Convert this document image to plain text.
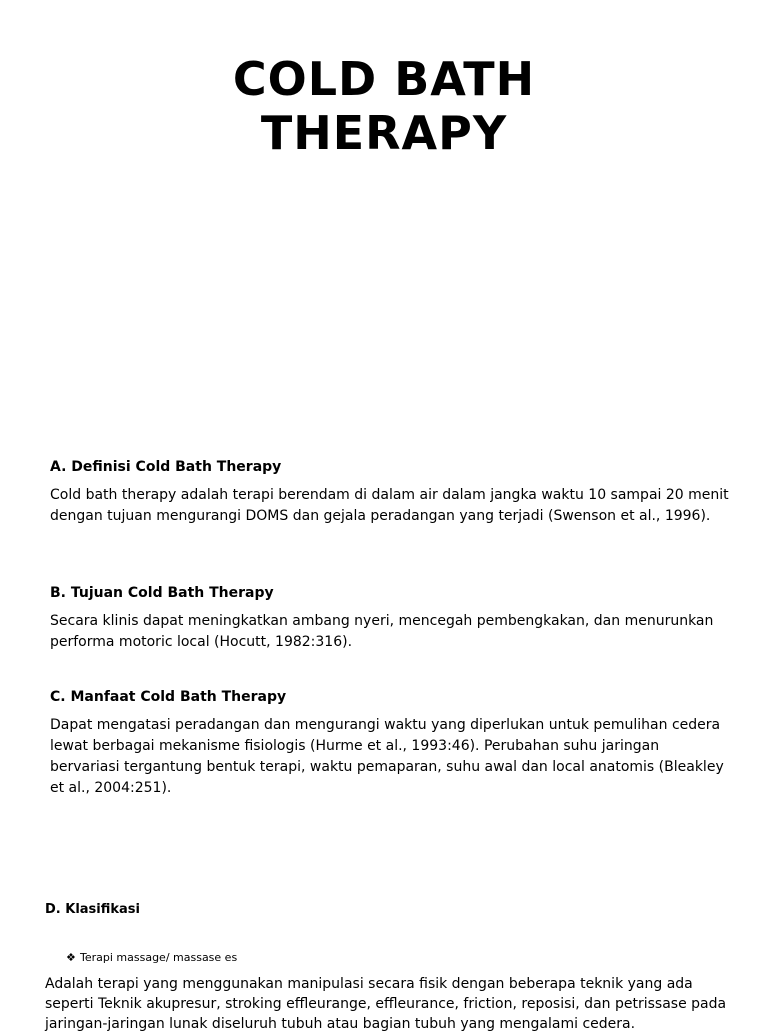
COLD BATH
THERAPY

A. Definisi Cold Bath Therapy

Cold bath therapy adalah terapi berendam di dalam air dalam jangka waktu 10 sampai 20 menit dengan tujuan mengurangi DOMS dan gejala peradangan yang terjadi (Swenson et al., 1996).

B. Tujuan Cold Bath Therapy

Secara klinis dapat meningkatkan ambang nyeri, mencegah pembengkakan, dan menurunkan performa motoric local (Hocutt, 1982:316).

C. Manfaat Cold Bath Therapy

Dapat mengatasi peradangan dan mengurangi waktu yang diperlukan untuk pemulihan cedera lewat berbagai mekanisme fisiologis (Hurme et al., 1993:46). Perubahan suhu jaringan bervariasi tergantung bentuk terapi, waktu pemaparan, suhu awal dan local anatomis (Bleakley et al., 2004:251).

D. Klasifikasi
❖ Terapi massage/ massase es

Adalah terapi yang menggunakan manipulasi secara fisik dengan beberapa teknik yang ada seperti Teknik akupresur, stroking effleurange, effleurance, friction, reposisi, dan petrissase pada jaringan-jaringan lunak diseluruh tubuh atau bagian tubuh yang mengalami cedera.
